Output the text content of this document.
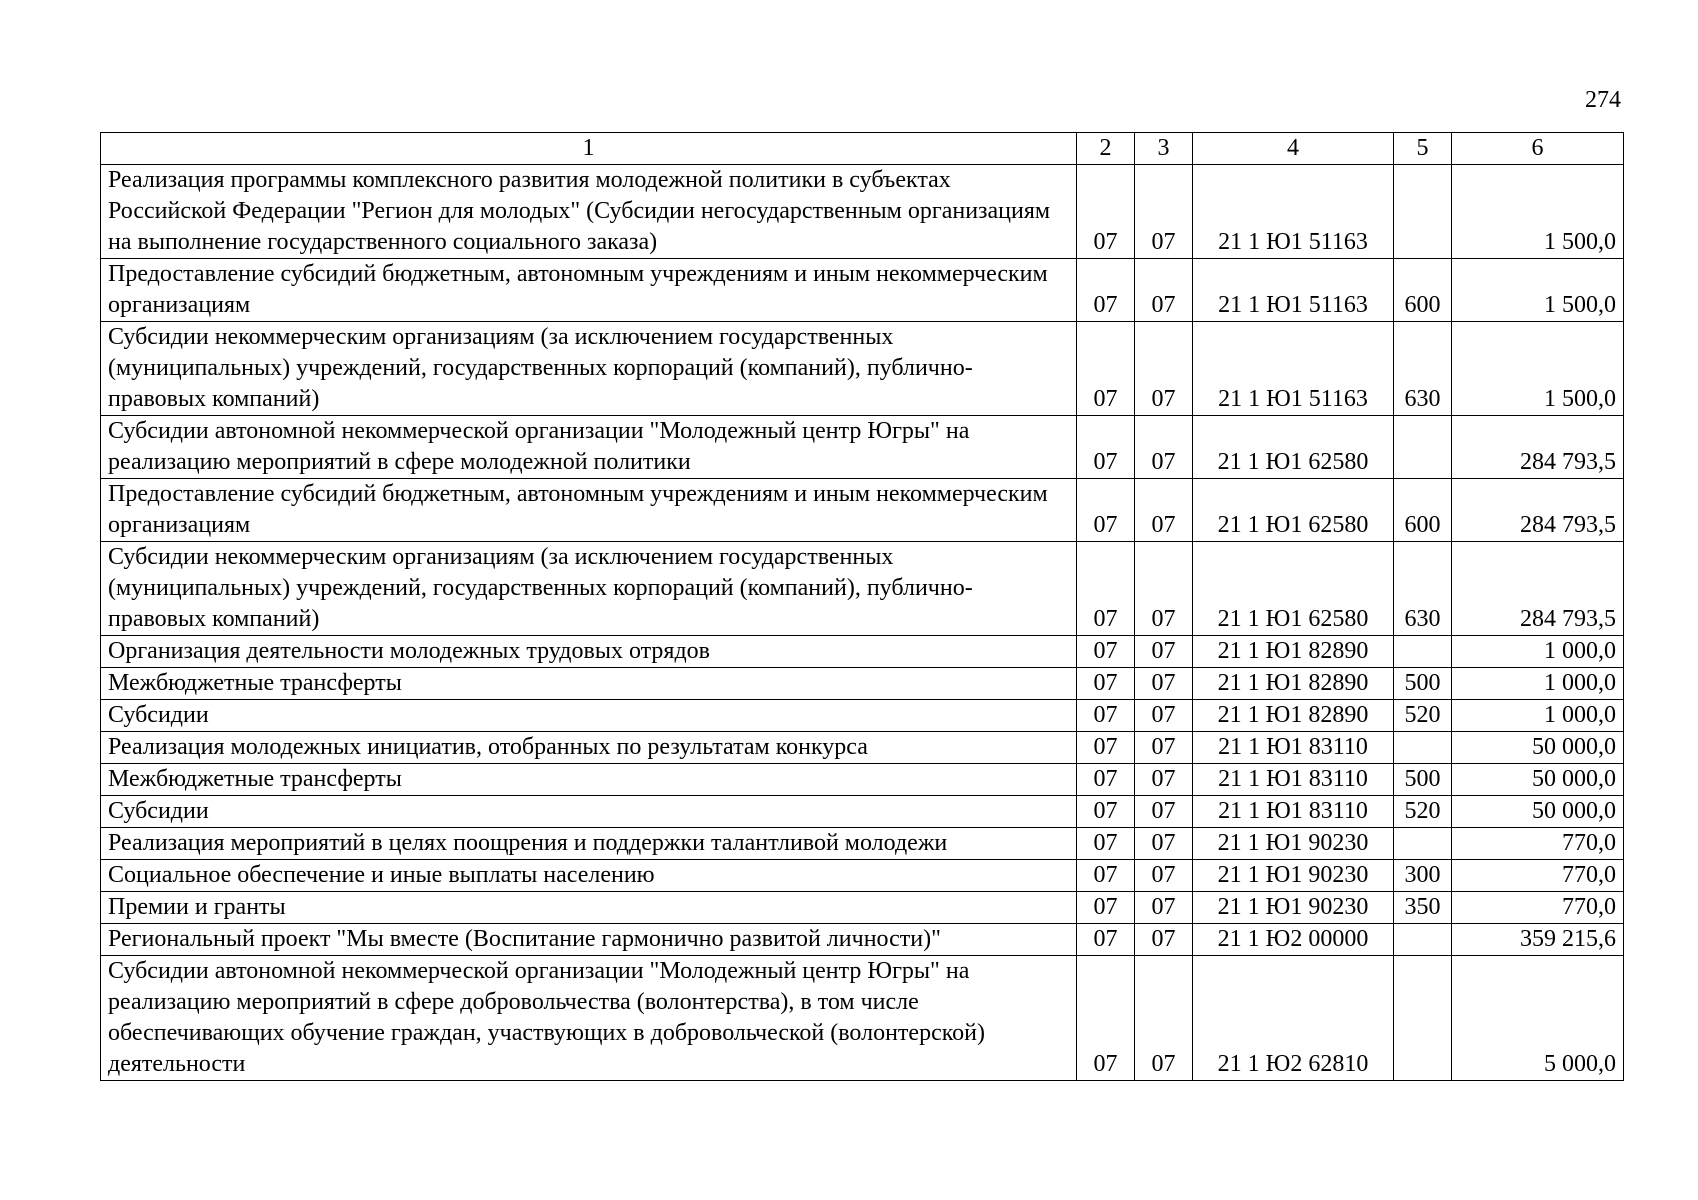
274
1	2	3	4	5	6
Реализация программы комплексного развития молодежной политики в субъектах Российской Федерации "Регион для молодых" (Субсидии негосударственным организациям на выполнение государственного социального заказа)	07	07	21 1 Ю1 51163		1 500,0
Предоставление субсидий бюджетным, автономным учреждениям и иным некоммерческим организациям	07	07	21 1 Ю1 51163	600	1 500,0
Субсидии некоммерческим организациям (за исключением государственных (муниципальных) учреждений, государственных корпораций (компаний), публично-правовых компаний)	07	07	21 1 Ю1 51163	630	1 500,0
Субсидии автономной некоммерческой организации "Молодежный центр Югры" на реализацию мероприятий в сфере молодежной политики	07	07	21 1 Ю1 62580		284 793,5
Предоставление субсидий бюджетным, автономным учреждениям и иным некоммерческим организациям	07	07	21 1 Ю1 62580	600	284 793,5
Субсидии некоммерческим организациям (за исключением государственных (муниципальных) учреждений, государственных корпораций (компаний), публично-правовых компаний)	07	07	21 1 Ю1 62580	630	284 793,5
Организация деятельности молодежных трудовых отрядов	07	07	21 1 Ю1 82890		1 000,0
Межбюджетные трансферты	07	07	21 1 Ю1 82890	500	1 000,0
Субсидии	07	07	21 1 Ю1 82890	520	1 000,0
Реализация молодежных инициатив, отобранных по результатам конкурса	07	07	21 1 Ю1 83110		50 000,0
Межбюджетные трансферты	07	07	21 1 Ю1 83110	500	50 000,0
Субсидии	07	07	21 1 Ю1 83110	520	50 000,0
Реализация мероприятий в целях поощрения и поддержки талантливой молодежи	07	07	21 1 Ю1 90230		770,0
Социальное обеспечение и иные выплаты населению	07	07	21 1 Ю1 90230	300	770,0
Премии и гранты	07	07	21 1 Ю1 90230	350	770,0
Региональный проект "Мы вместе (Воспитание гармонично развитой личности)"	07	07	21 1 Ю2 00000		359 215,6
Субсидии автономной некоммерческой организации "Молодежный центр Югры" на реализацию мероприятий в сфере добровольчества (волонтерства), в том числе обеспечивающих обучение граждан, участвующих в добровольческой (волонтерской) деятельности	07	07	21 1 Ю2 62810		5 000,0
